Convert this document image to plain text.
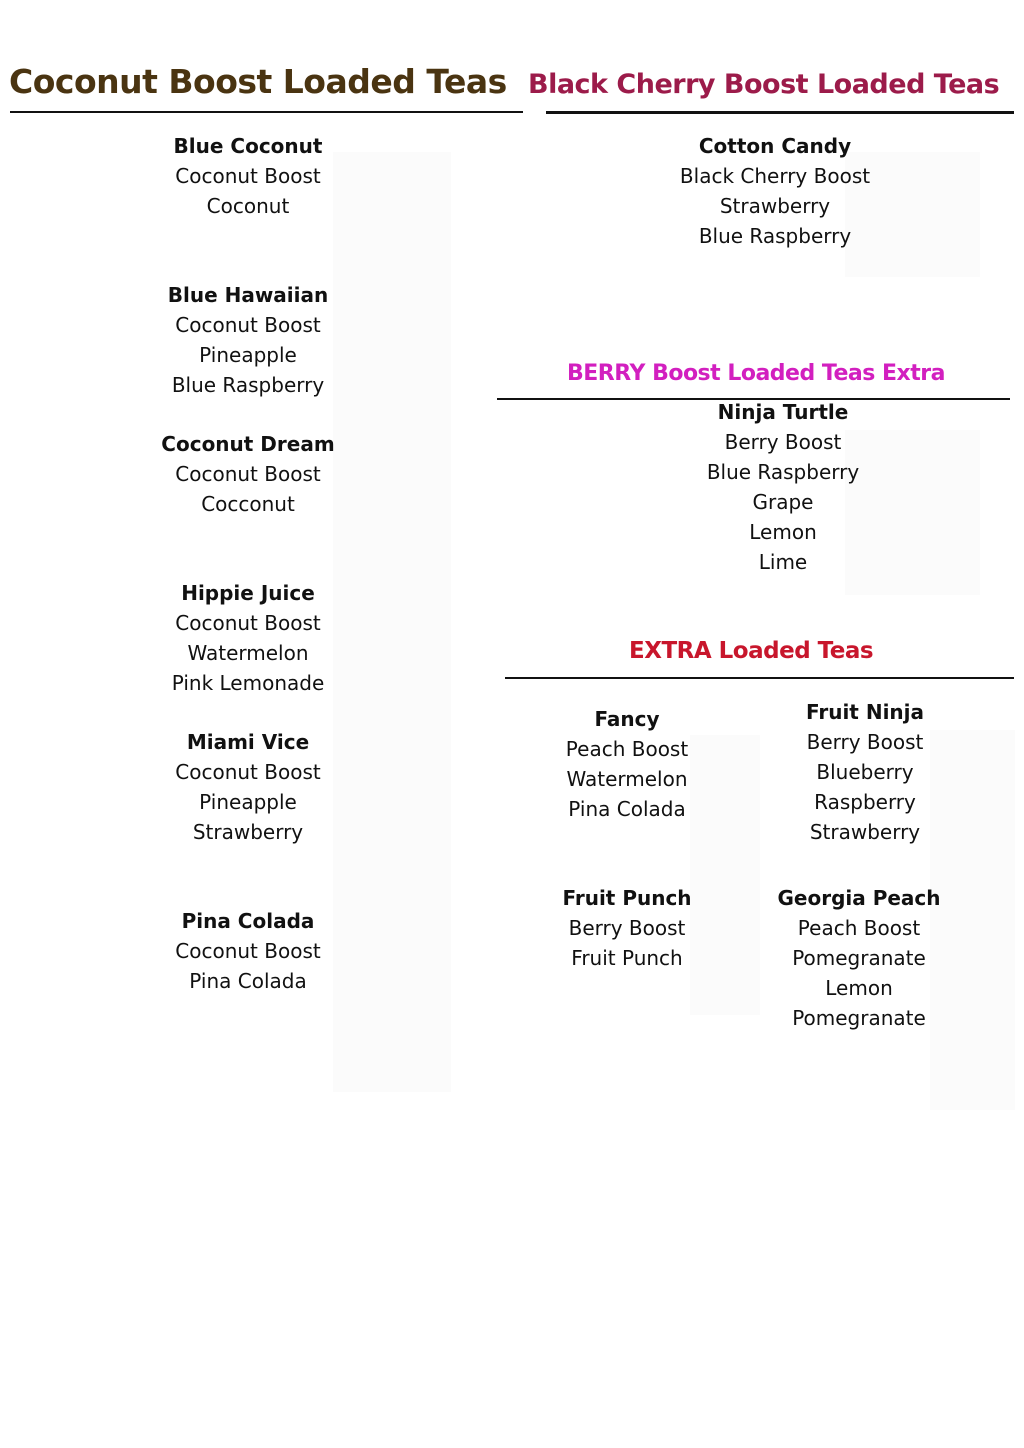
Coconut Boost Loaded Teas Black Cherry Boost Loaded Teas
BERRY Boost Loaded Teas Extra
EXTRA Loaded Teas
Blue Coconut
Coconut Boost
Coconut
Blue Hawaiian
Coconut Boost
Pineapple
Blue Raspberry
Coconut Dream
Coconut Boost
Cocconut
Hippie Juice
Coconut Boost
Watermelon
Pink Lemonade
Miami Vice
Coconut Boost
Pineapple
Strawberry
Pina Colada
Coconut Boost
Pina Colada
Cotton Candy
Black Cherry Boost
Strawberry
Blue Raspberry
Ninja Turtle
Berry Boost
Blue Raspberry
Grape
Lemon
Lime
Fancy
Peach Boost
Watermelon
Pina Colada
Fruit Ninja
Berry Boost
Blueberry
Raspberry
Strawberry
Fruit Punch
Berry Boost
Fruit Punch
Georgia Peach
Peach Boost
Pomegranate
Lemon
Pomegranate
